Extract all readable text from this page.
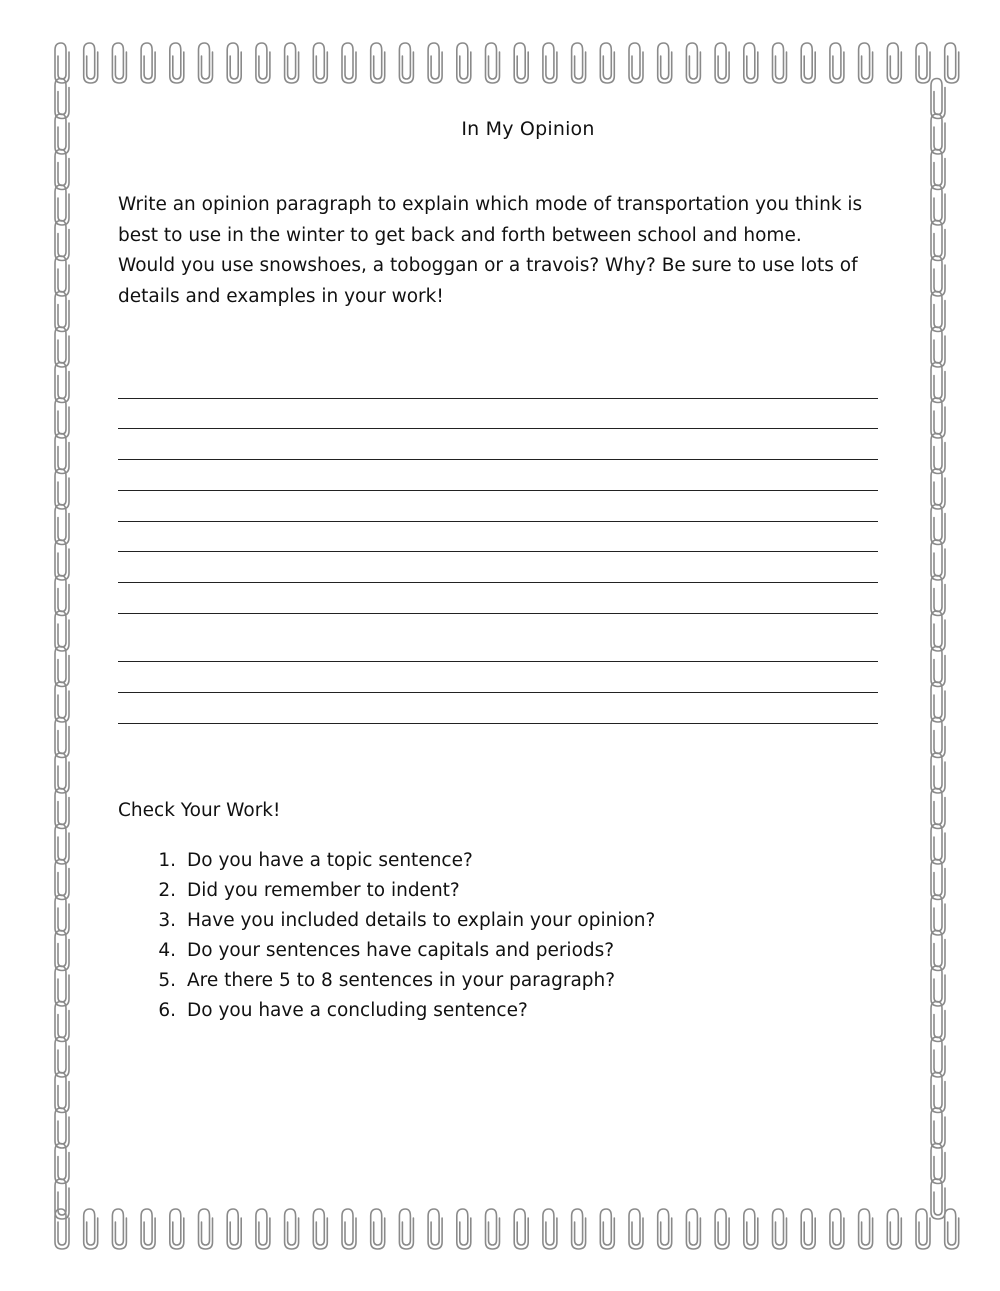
In My Opinion

Write an opinion paragraph to explain which mode of transportation you think is best to use in the winter to get back and forth between school and home. Would you use snowshoes, a toboggan or a travois? Why? Be sure to use lots of details and examples in your work!

Check Your Work!
1. Do you have a topic sentence?
2. Did you remember to indent?
3. Have you included details to explain your opinion?
4. Do your sentences have capitals and periods?
5. Are there 5 to 8 sentences in your paragraph?
6. Do you have a concluding sentence?
